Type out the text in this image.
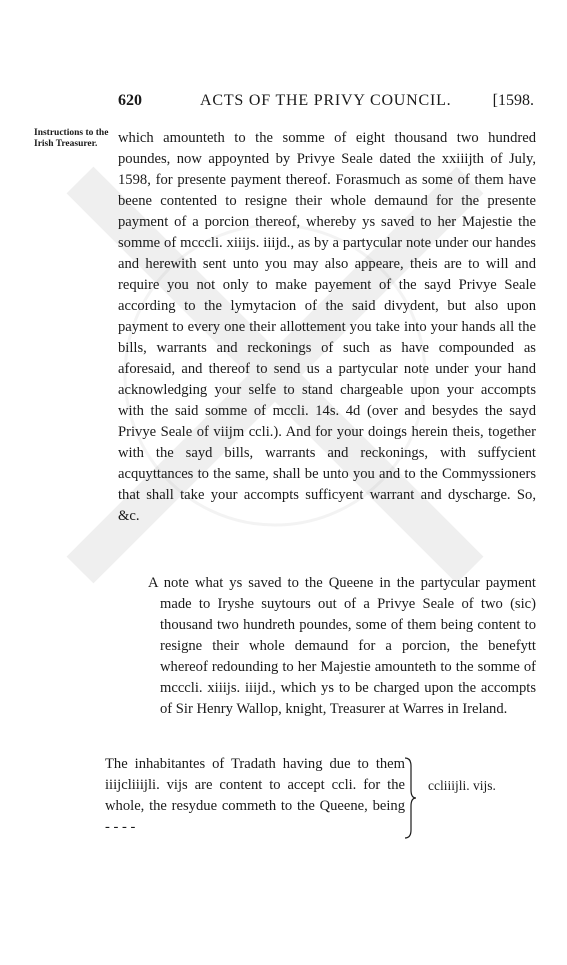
620	ACTS OF THE PRIVY COUNCIL.	[1598.
Instructions to the Irish Treasurer.	which amounteth to the somme of eight thousand two hundred poundes, now appoynted by Privye Seale dated the xxiiijth of July, 1598, for presente payment thereof. Forasmuch as some of them have beene contented to resigne their whole demaund for the presente payment of a porcion thereof, whereby ys saved to her Majestie the somme of mcccli. xiiijs. iiijd., as by a partycular note under our handes and herewith sent unto you may also appeare, theis are to will and require you not only to make payement of the sayd Privye Seale according to the lymytacion of the said divydent, but also upon payment to every one their allottement you take into your hands all the bills, warrants and reckonings of such as have compounded as aforesaid, and thereof to send us a partycular note under your hand acknowledging your selfe to stand chargeable upon your accompts with the said somme of mccli. 14s. 4d (over and besydes the sayd Privye Seale of viijm ccli.). And for your doings herein theis, together with the sayd bills, warrants and reckonings, with suffycient acquyttances to the same, shall be unto you and to the Commyssioners that shall take your accompts sufficyent warrant and dyscharge. So, &c.

A note what ys saved to the Queene in the partycular payment made to Iryshe suytours out of a Privye Seale of two (sic) thousand two hundreth poundes, some of them being content to resigne their whole demaund for a porcion, the benefytt whereof redounding to her Majestie amounteth to the somme of mcccli. xiiijs. iiijd., which ys to be charged upon the accompts of Sir Henry Wallop, knight, Treasurer at Warres in Ireland.

The inhabitantes of Tradath having due to them iiijcliiijli. vijs are content to accept ccli. for the whole, the resydue commeth to the Queene, being - - - -

ccliiijli. vijs.
